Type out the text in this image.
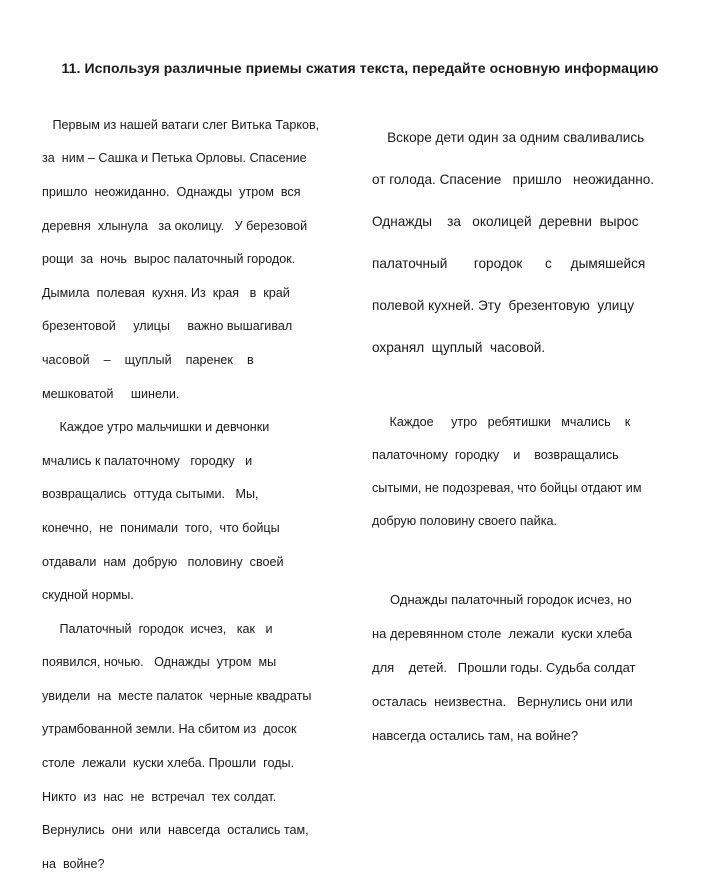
11. Используя различные приемы сжатия текста, передайте основную информацию

Первым из нашей ватаги слег Витька Тарков,

за  ним – Сашка и Петька Орловы. Спасение

пришло  неожиданно.  Однажды  утром  вся

деревня  хлынула   за околицу.   У березовой

рощи  за  ночь  вырос палаточный городок.

Дымила  полевая  кухня. Из  края   в  край

брезентовой     улицы     важно вышагивал

часовой    –    щуплый    паренек    в

мешковатой     шинели.

Каждое утро мальчишки и девчонки

мчались к палаточному   городку   и

возвращались  оттуда сытыми.   Мы,

конечно,  не  понимали  того,  что бойцы

отдавали  нам  добрую   половину  своей

скудной нормы.

Палаточный  городок  исчез,   как   и

появился, ночью.   Однажды  утром  мы

увидели  на  месте палаток  черные квадраты

утрамбованной земли. На сбитом из  досок

столе  лежали  куски хлеба. Прошли  годы.

Никто  из  нас  не  встречал  тех солдат.

Вернулись  они  или  навсегда  остались там,

на  войне?

Вскоре дети один за одним сваливались

от голода. Спасение   пришло   неожиданно.

Однажды    за   околицей  деревни  вырос

палаточный       городок      с     дымяшейся

полевой кухней. Эту  брезентовую  улицу

охранял  щуплый  часовой.

Каждое     утро   ребятишки   мчались    к

палаточному  городку    и    возвращались

сытыми, не подозревая, что бойцы отдают им

добрую половину своего пайка.

Однажды палаточный городок исчез, но

на деревянном столе  лежали  куски хлеба

для    детей.   Прошли годы. Судьба солдат

осталась  неизвестна.   Вернулись они или

навсегда остались там, на войне?
